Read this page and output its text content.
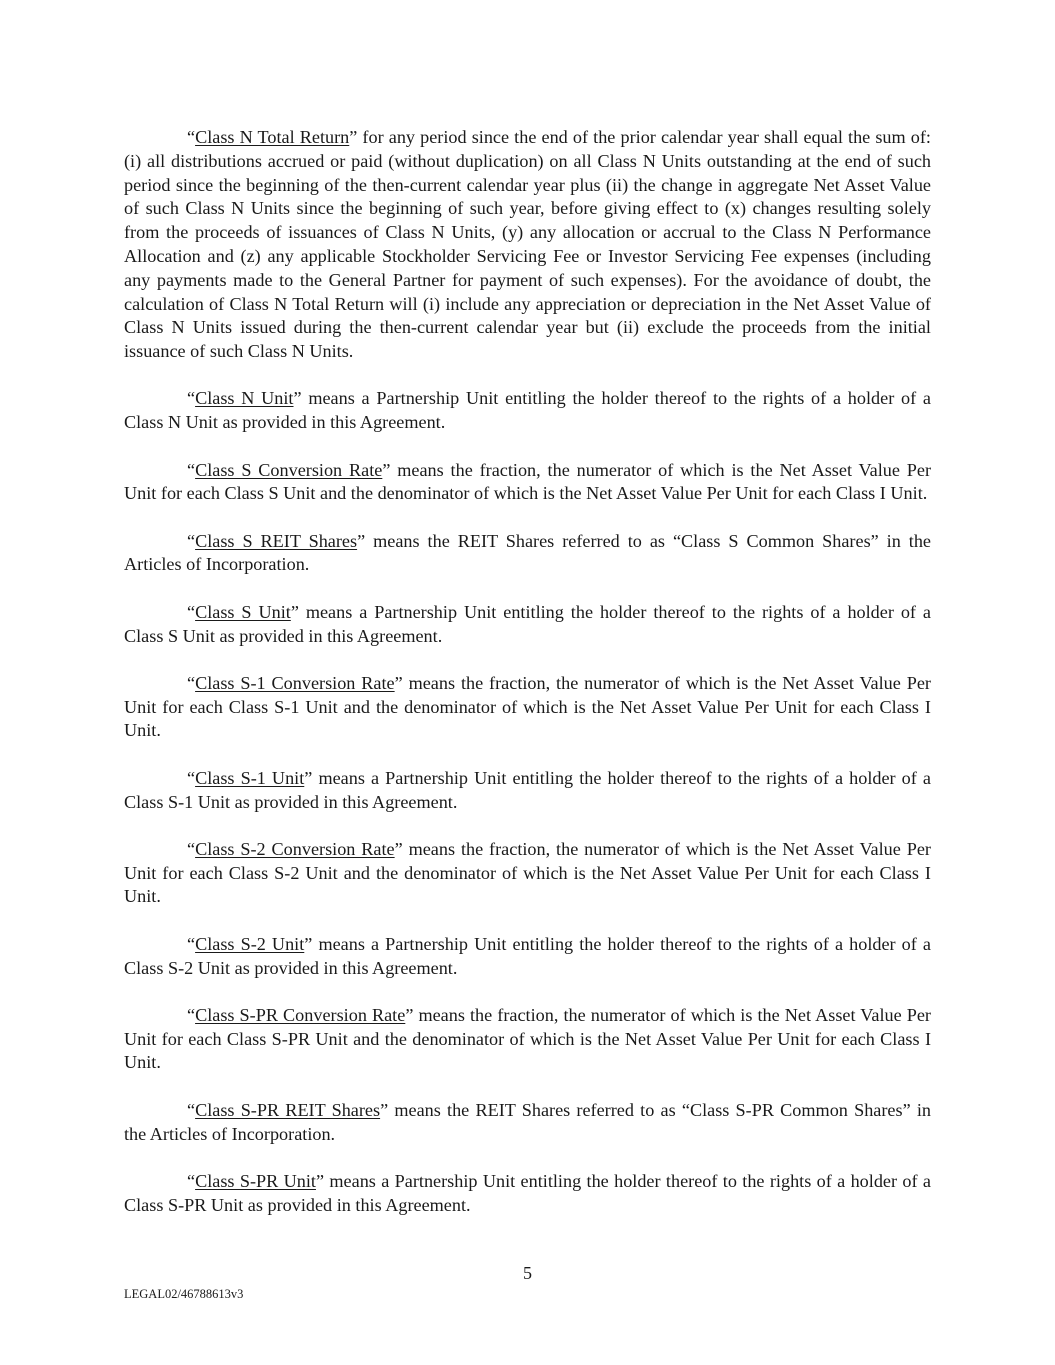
“Class N Total Return” for any period since the end of the prior calendar year shall equal the sum of: (i) all distributions accrued or paid (without duplication) on all Class N Units outstanding at the end of such period since the beginning of the then-current calendar year plus (ii) the change in aggregate Net Asset Value of such Class N Units since the beginning of such year, before giving effect to (x) changes resulting solely from the proceeds of issuances of Class N Units, (y) any allocation or accrual to the Class N Performance Allocation and (z) any applicable Stockholder Servicing Fee or Investor Servicing Fee expenses (including any payments made to the General Partner for payment of such expenses). For the avoidance of doubt, the calculation of Class N Total Return will (i) include any appreciation or depreciation in the Net Asset Value of Class N Units issued during the then-current calendar year but (ii) exclude the proceeds from the initial issuance of such Class N Units.

“Class N Unit” means a Partnership Unit entitling the holder thereof to the rights of a holder of a Class N Unit as provided in this Agreement.

“Class S Conversion Rate” means the fraction, the numerator of which is the Net Asset Value Per Unit for each Class S Unit and the denominator of which is the Net Asset Value Per Unit for each Class I Unit.

“Class S REIT Shares” means the REIT Shares referred to as “Class S Common Shares” in the Articles of Incorporation.

“Class S Unit” means a Partnership Unit entitling the holder thereof to the rights of a holder of a Class S Unit as provided in this Agreement.

“Class S-1 Conversion Rate” means the fraction, the numerator of which is the Net Asset Value Per Unit for each Class S-1 Unit and the denominator of which is the Net Asset Value Per Unit for each Class I Unit.

“Class S-1 Unit” means a Partnership Unit entitling the holder thereof to the rights of a holder of a Class S-1 Unit as provided in this Agreement.

“Class S-2 Conversion Rate” means the fraction, the numerator of which is the Net Asset Value Per Unit for each Class S-2 Unit and the denominator of which is the Net Asset Value Per Unit for each Class I Unit.

“Class S-2 Unit” means a Partnership Unit entitling the holder thereof to the rights of a holder of a Class S-2 Unit as provided in this Agreement.

“Class S-PR Conversion Rate” means the fraction, the numerator of which is the Net Asset Value Per Unit for each Class S-PR Unit and the denominator of which is the Net Asset Value Per Unit for each Class I Unit.

“Class S-PR REIT Shares” means the REIT Shares referred to as “Class S-PR Common Shares” in the Articles of Incorporation.

“Class S-PR Unit” means a Partnership Unit entitling the holder thereof to the rights of a holder of a Class S-PR Unit as provided in this Agreement.

5
LEGAL02/46788613v3
